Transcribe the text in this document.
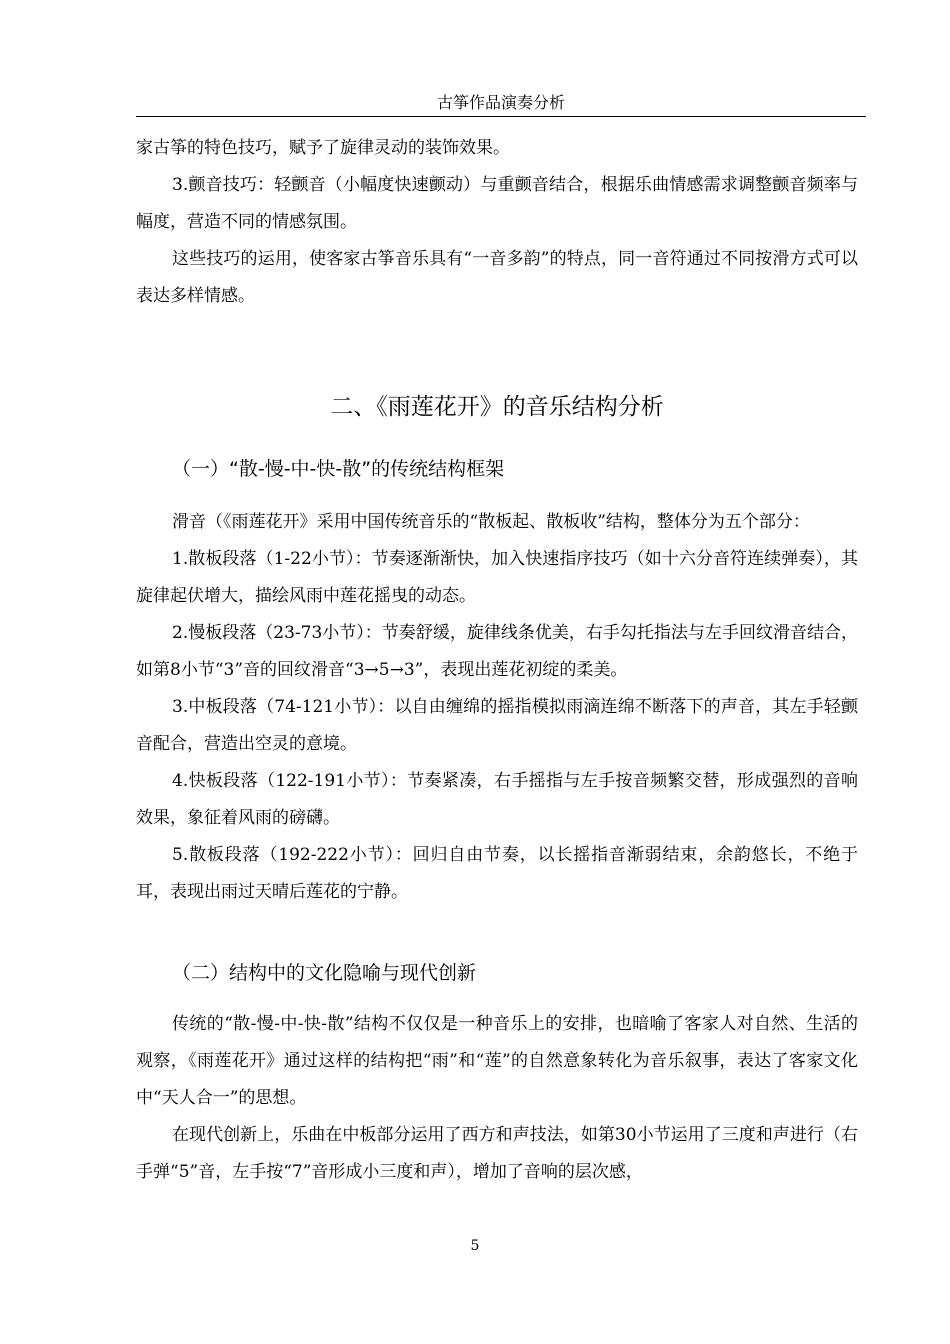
古筝作品演奏分析

家古筝的特色技巧，赋予了旋律灵动的装饰效果。

3.颤音技巧：轻颤音（小幅度快速颤动）与重颤音结合，根据乐曲情感需求调整颤音频率与幅度，营造不同的情感氛围。

这些技巧的运用，使客家古筝音乐具有“一音多韵”的特点，同一音符通过不同按滑方式可以表达多样情感。

二、《雨莲花开》的音乐结构分析
（一）“散-慢-中-快-散”的传统结构框架

滑音（《雨莲花开》采用中国传统音乐的“散板起、散板收”结构，整体分为五个部分：

1.散板段落（1-22小节）：节奏逐渐渐快，加入快速指序技巧（如十六分音符连续弹奏），其旋律起伏增大，描绘风雨中莲花摇曳的动态。

2.慢板段落（23-73小节）：节奏舒缓，旋律线条优美，右手勾托指法与左手回纹滑音结合，如第8小节“3”音的回纹滑音“3→5→3”，表现出莲花初绽的柔美。

3.中板段落（74-121小节）：以自由缠绵的摇指模拟雨滴连绵不断落下的声音，其左手轻颤音配合，营造出空灵的意境。

4.快板段落（122-191小节）：节奏紧凑，右手摇指与左手按音频繁交替，形成强烈的音响效果，象征着风雨的磅礴。

5.散板段落（192-222小节）：回归自由节奏，以长摇指音渐弱结束，余韵悠长，不绝于耳，表现出雨过天晴后莲花的宁静。

（二）结构中的文化隐喻与现代创新

传统的“散-慢-中-快-散”结构不仅仅是一种音乐上的安排，也暗喻了客家人对自然、生活的观察，《雨莲花开》通过这样的结构把“雨”和“莲”的自然意象转化为音乐叙事，表达了客家文化中“天人合一”的思想。

在现代创新上，乐曲在中板部分运用了西方和声技法，如第30小节运用了三度和声进行（右手弹“5”音，左手按“7”音形成小三度和声），增加了音响的层次感，

5
